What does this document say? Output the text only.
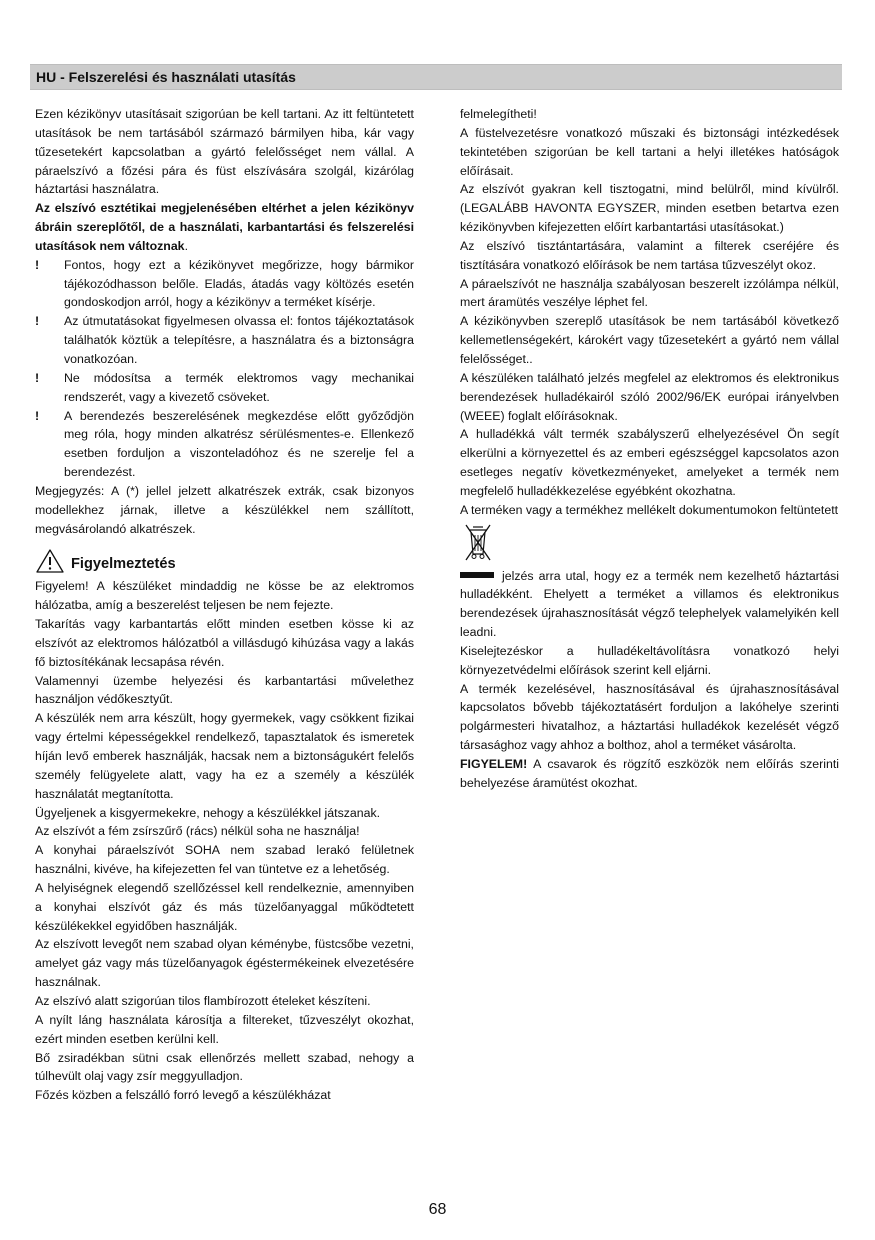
HU - Felszerelési és használati utasítás

Ezen kézikönyv utasításait szigorúan be kell tartani. Az itt feltüntetett utasítások be nem tartásából származó bármilyen hiba, kár vagy tűzesetekért kapcsolatban a gyártó felelősséget nem vállal. A páraelszívó a főzési pára és füst elszívására szolgál, kizárólag háztartási használatra.

Az elszívó esztétikai megjelenésében eltérhet a jelen kézikönyv ábráin szereplőtől, de a használati, karbantartási és felszerelési utasítások nem változnak.

! Fontos, hogy ezt a kézikönyvet megőrizze, hogy bármikor tájékozódhasson belőle. Eladás, átadás vagy költözés esetén gondoskodjon arról, hogy a kézikönyv a terméket kísérje.

! Az útmutatásokat figyelmesen olvassa el: fontos tájékoztatások találhatók köztük a telepítésre, a használatra és a biztonságra vonatkozóan.

! Ne módosítsa a termék elektromos vagy mechanikai rendszerét, vagy a kivezető csöveket.

! A berendezés beszerelésének megkezdése előtt győződjön meg róla, hogy minden alkatrész sérülésmentes-e. Ellenkező esetben forduljon a viszonteladóhoz és ne szerelje fel a berendezést.

Megjegyzés: A (*) jellel jelzett alkatrészek extrák, csak bizonyos modellekhez járnak, illetve a készülékkel nem szállított, megvásárolandó alkatrészek.

Figyelmeztetés

Figyelem! A készüléket mindaddig ne kösse be az elektromos hálózatba, amíg a beszerelést teljesen be nem fejezte.

Takarítás vagy karbantartás előtt minden esetben kösse ki az elszívót az elektromos hálózatból a villásdugó kihúzása vagy a lakás fő biztosítékának lecsapása révén.

Valamennyi üzembe helyezési és karbantartási művelethez használjon védőkesztyűt.

A készülék nem arra készült, hogy gyermekek, vagy csökkent fizikai vagy értelmi képességekkel rendelkező, tapasztalatok és ismeretek híján levő emberek használják, hacsak nem a biztonságukért felelős személy felügyelete alatt, vagy ha ez a személy a készülék használatát megtanította.

Ügyeljenek a kisgyermekekre, nehogy a készülékkel játszanak.

Az elszívót a fém zsírszűrő (rács) nélkül soha ne használja!

A konyhai páraelszívót SOHA nem szabad lerakó felületnek használni, kivéve, ha kifejezetten fel van tüntetve ez a lehetőség.

A helyiségnek elegendő szellőzéssel kell rendelkeznie, amennyiben a konyhai elszívót gáz és más tüzelőanyaggal működtetett készülékekkel egyidőben használják.

Az elszívott levegőt nem szabad olyan kéménybe, füstcsőbe vezetni, amelyet gáz vagy más tüzelőanyagok égéstermékeinek elvezetésére használnak.

Az elszívó alatt szigorúan tilos flambírozott ételeket készíteni.

A nyílt láng használata károsítja a filtereket, tűzveszélyt okozhat, ezért minden esetben kerülni kell.

Bő zsiradékban sütni csak ellenőrzés mellett szabad, nehogy a túlhevült olaj vagy zsír meggyulladjon.

Főzés közben a felszálló forró levegő a készülékházat

felmelegítheti!

A füstelvezetésre vonatkozó műszaki és biztonsági intézkedések tekintetében szigorúan be kell tartani a helyi illetékes hatóságok előírásait.

Az elszívót gyakran kell tisztogatni, mind belülről, mind kívülről. (LEGALÁBB HAVONTA EGYSZER, minden esetben betartva ezen kézikönyvben kifejezetten előírt karbantartási utasításokat.)

Az elszívó tisztántartására, valamint a filterek cseréjére és tisztítására vonatkozó előírások be nem tartása tűzveszélyt okoz.

A páraelszívót ne használja szabályosan beszerelt izzólámpa nélkül, mert áramütés veszélye léphet fel.

A kézikönyvben szereplő utasítások be nem tartásából következő kellemetlenségekért, károkért vagy tűzesetekért a gyártó nem vállal felelősséget..

A készüléken található jelzés megfelel az elektromos és elektronikus berendezések hulladékairól szóló 2002/96/EK európai irányelvben (WEEE) foglalt előírásoknak.

A hulladékká vált termék szabályszerű elhelyezésével Ön segít elkerülni a környezettel és az emberi egészséggel kapcsolatos azon esetleges negatív következményeket, amelyeket a termék nem megfelelő hulladékkezelése egyébként okozhatna.

A terméken vagy a termékhez mellékelt dokumentumokon feltüntetett

jelzés arra utal, hogy ez a termék nem kezelhető háztartási hulladékként. Ehelyett a terméket a villamos és elektronikus berendezések újrahasznosítását végző telephelyek valamelyikén kell leadni.

Kiselejtezéskor a hulladékeltávolításra vonatkozó helyi környezetvédelmi előírások szerint kell eljárni.

A termék kezelésével, hasznosításával és újrahasznosításával kapcsolatos bővebb tájékoztatásért forduljon a lakóhelye szerinti polgármesteri hivatalhoz, a háztartási hulladékok kezelését végző társasághoz vagy ahhoz a bolthoz, ahol a terméket vásárolta.

FIGYELEM! A csavarok és rögzítő eszközök nem előírás szerinti behelyezése áramütést okozhat.

68
